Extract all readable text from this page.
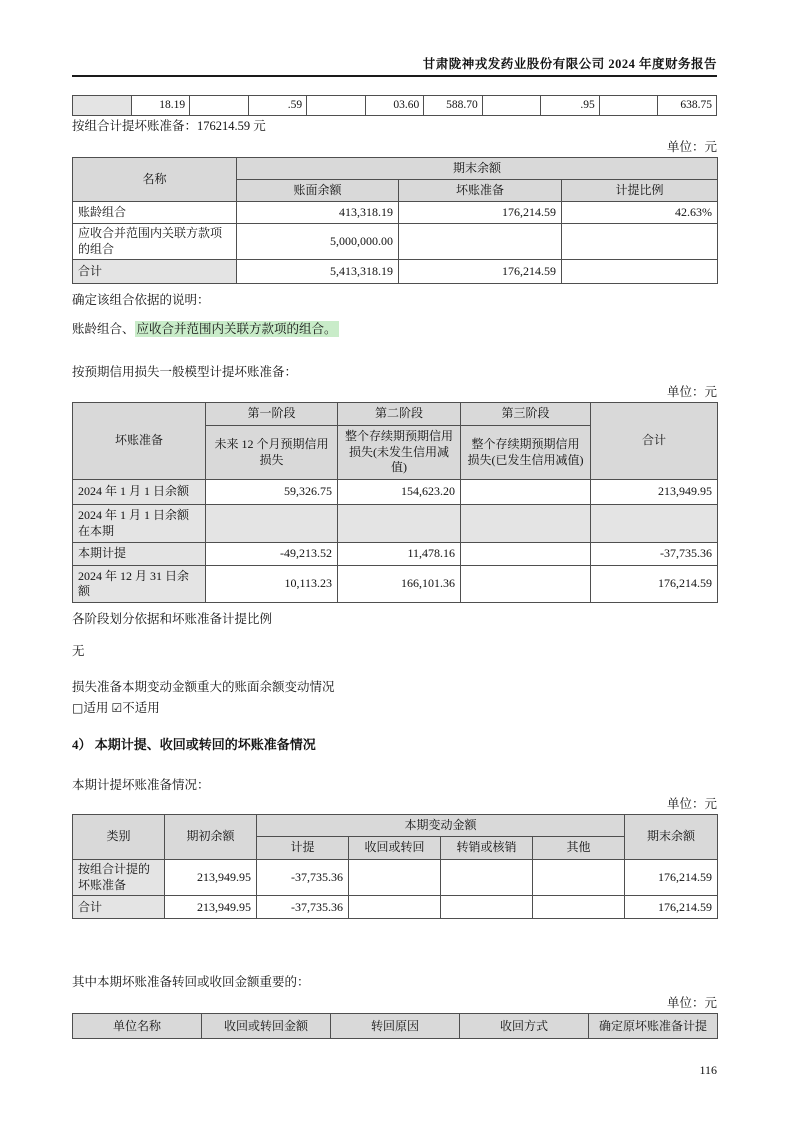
甘肃陇神戎发药业股份有限公司 2024 年度财务报告
	18.19		.59		03.60	588.70		.95		638.75
按组合计提坏账准备：176214.59 元
单位：元
名称	期末余额		
	账面余额	坏账准备	计提比例
账龄组合	413,318.19	176,214.59	42.63%
应收合并范围内关联方款项的组合	5,000,000.00		
合计	5,413,318.19	176,214.59	
确定该组合依据的说明：
账龄组合、 应收合并范围内关联方款项的组合。
按预期信用损失一般模型计提坏账准备：
单位：元
坏账准备	第一阶段	第二阶段	第三阶段	合计
	未来 12 个月预期信用损失	整个存续期预期信用损失(未发生信用减值)	整个存续期预期信用损失(已发生信用减值)	
2024 年 1 月 1 日余额	59,326.75	154,623.20		213,949.95
2024 年 1 月 1 日余额在本期				
本期计提	-49,213.52	11,478.16		-37,735.36
2024 年 12 月 31 日余额	10,113.23	166,101.36		176,214.59
各阶段划分依据和坏账准备计提比例
无
损失准备本期变动金额重大的账面余额变动情况
□适用 ☑不适用
4） 本期计提、收回或转回的坏账准备情况
本期计提坏账准备情况：
单位：元
类别	期初余额	本期变动金额				期末余额
		计提	收回或转回	转销或核销	其他	
按组合计提的坏账准备	213,949.95	-37,735.36				176,214.59
合计	213,949.95	-37,735.36				176,214.59
其中本期坏账准备转回或收回金额重要的：
单位：元
单位名称	收回或转回金额	转回原因	收回方式	确定原坏账准备计提
116
